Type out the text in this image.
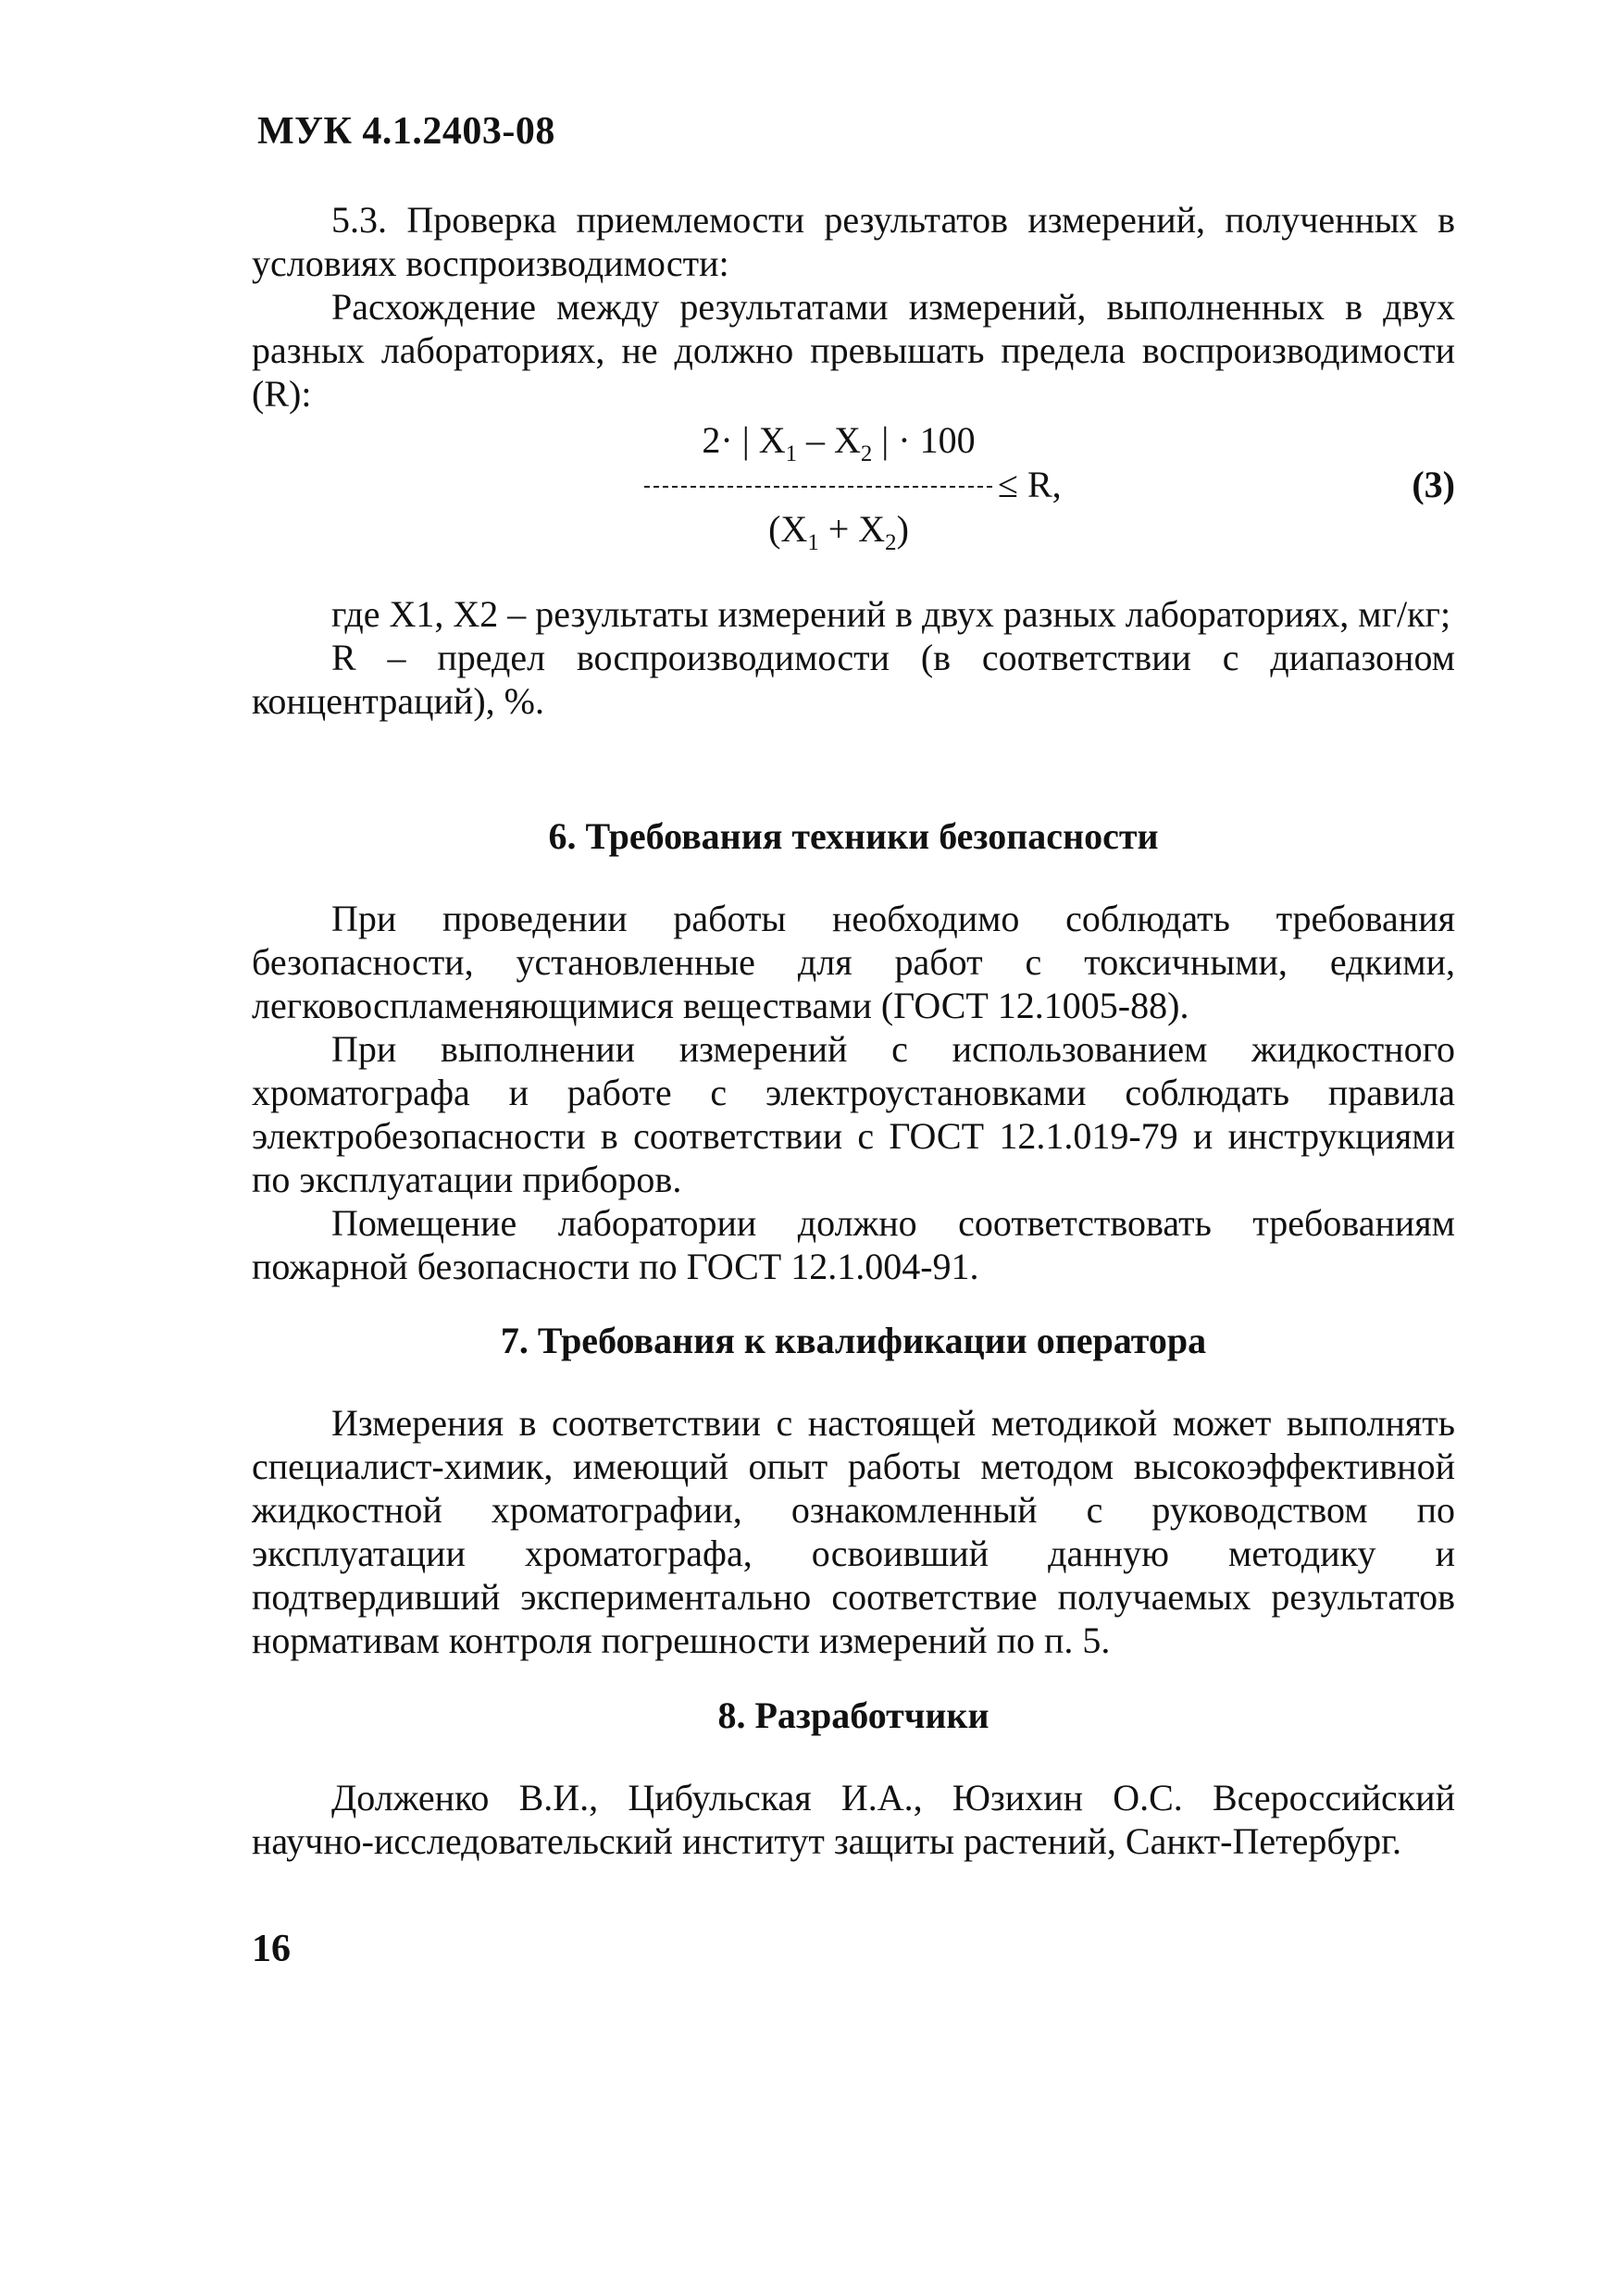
МУК 4.1.2403-08

5.3. Проверка приемлемости результатов измерений, полученных в условиях воспроизводимости:

Расхождение между результатами измерений, выполненных в двух разных лабораториях, не должно превышать предела воспроизводимости (R):

2· | $X_1 - X_2$ | · 100
≤ R,
$(X_1 + X_2)$
(3)

где X1, X2 – результаты измерений в двух разных лабораториях, мг/кг;

R – предел воспроизводимости (в соответствии с диапазоном концентраций), %.

6. Требования техники безопасности

При проведении работы необходимо соблюдать требования безопасности, установленные для работ с токсичными, едкими, легковоспламеняющимися веществами (ГОСТ 12.1005-88).

При выполнении измерений с использованием жидкостного хроматографа и работе с электроустановками соблюдать правила электробезопасности в соответствии с ГОСТ 12.1.019-79 и инструкциями по эксплуатации приборов.

Помещение лаборатории должно соответствовать требованиям пожарной безопасности по ГОСТ 12.1.004-91.

7. Требования к квалификации оператора

Измерения в соответствии с настоящей методикой может выполнять специалист-химик, имеющий опыт работы методом высокоэффективной жидкостной хроматографии, ознакомленный с руководством по эксплуатации хроматографа, освоивший данную методику и подтвердивший экспериментально соответствие получаемых результатов нормативам контроля погрешности измерений по п. 5.

8. Разработчики

Долженко В.И., Цибульская И.А., Юзихин О.С. Всероссийский научно-исследовательский институт защиты растений, Санкт-Петербург.

16
